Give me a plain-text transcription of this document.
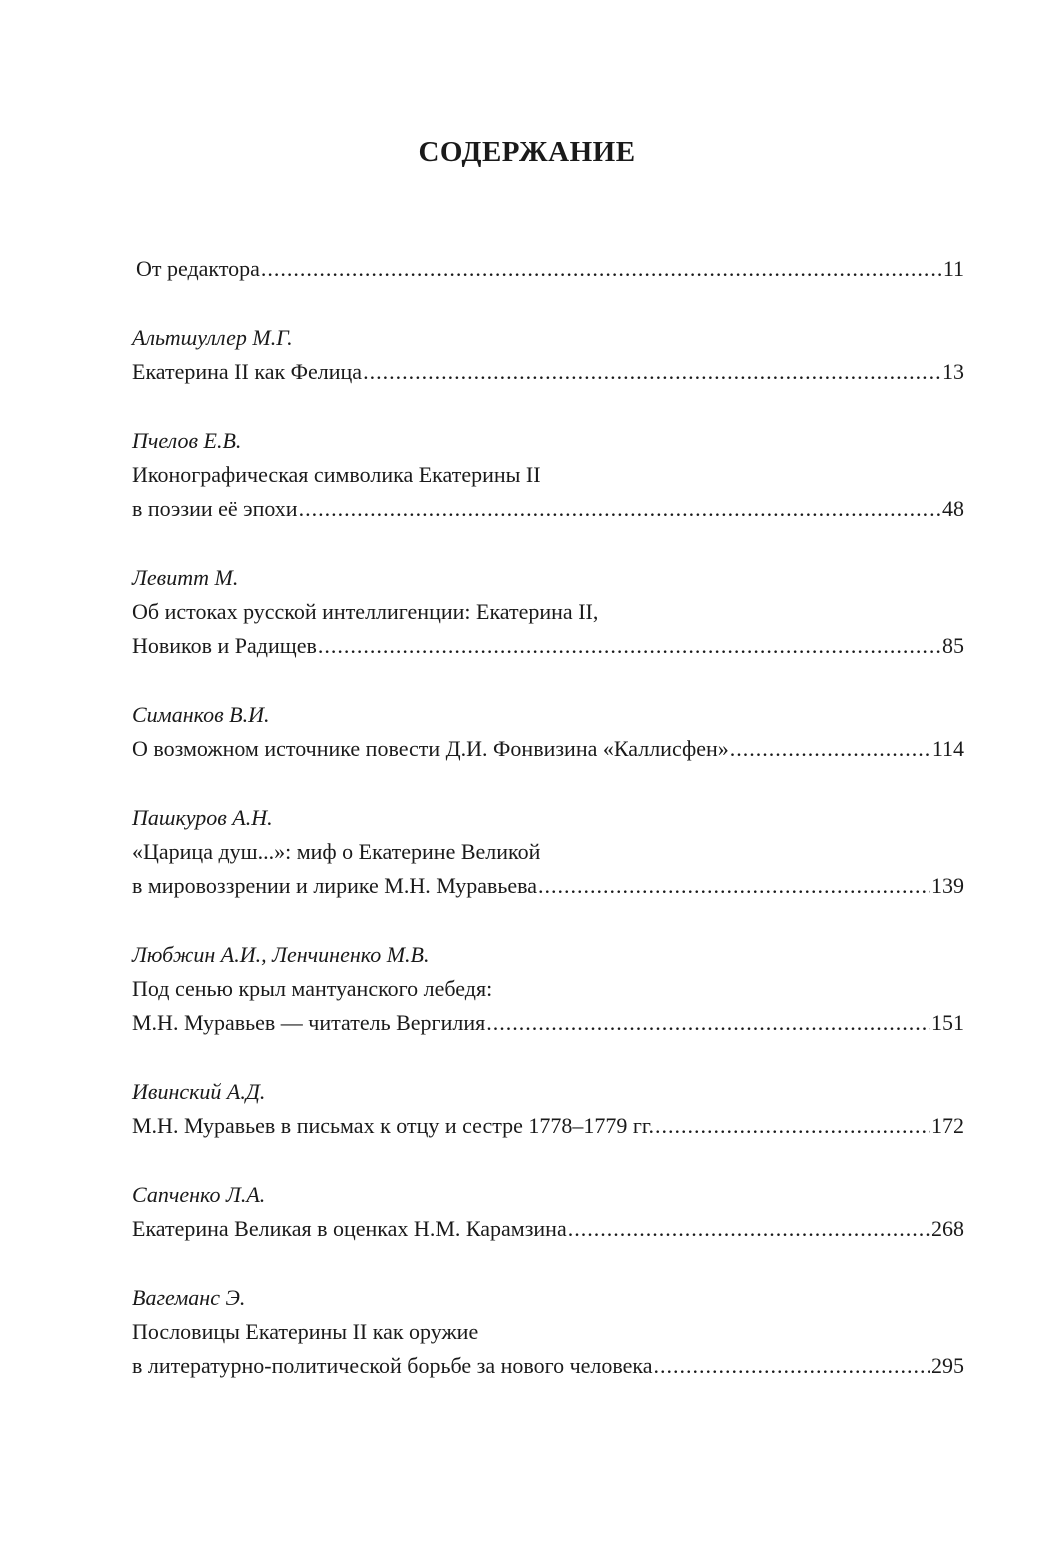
СОДЕРЖАНИЕ
От редактора .....	11
Альтшуллер М.Г.
Екатерина II как Фелица .....	13
Пчелов Е.В.
Иконографическая символика Екатерины II
в поэзии её эпохи .....	48
Левитт М.
Об истоках русской интеллигенции: Екатерина II,
Новиков и Радищев .....	85
Симанков В.И.
О возможном источнике повести Д.И. Фонвизина «Каллисфен» .....	114
Пашкуров А.Н.
«Царица душ...»: миф о Екатерине Великой
в мировоззрении и лирике М.Н. Муравьева .....	139
Любжин А.И., Ленчиненко М.В.
Под сенью крыл мантуанского лебедя:
М.Н. Муравьев — читатель Вергилия .....	151
Ивинский А.Д.
М.Н. Муравьев в письмах к отцу и сестре 1778–1779 гг. .....	172
Сапченко Л.А.
Екатерина Великая в оценках Н.М. Карамзина .....	268
Вагеманс Э.
Пословицы Екатерины II как оружие
в литературно-политической борьбе за нового человека .....	295
